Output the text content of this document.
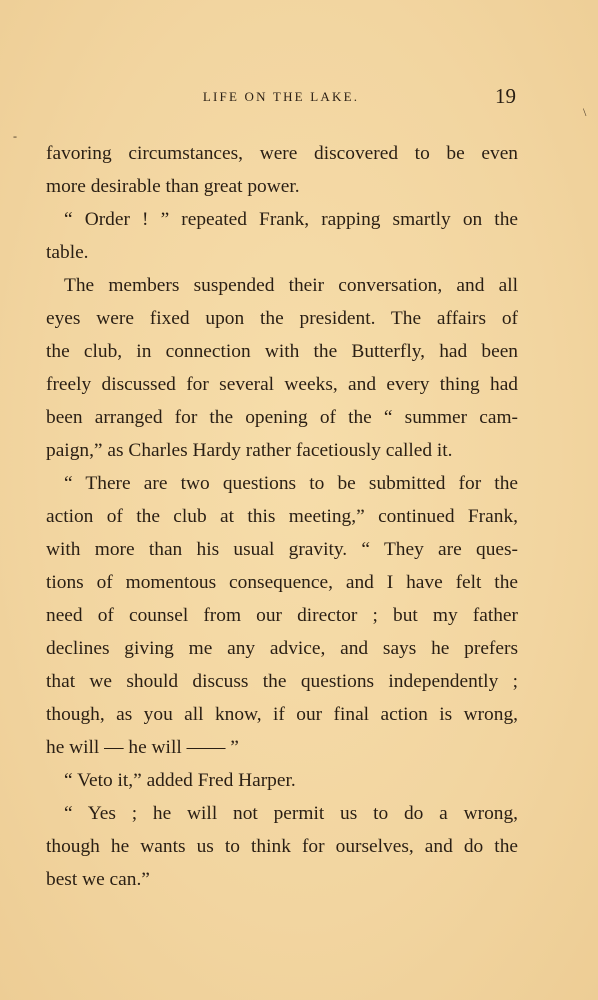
LIFE ON THE LAKE.	19
-
\
favoring circumstances, were discovered to be even
more desirable than great power.
“ Order ! ” repeated Frank, rapping smartly on the
table.
The members suspended their conversation, and all
eyes were fixed upon the president. The affairs of
the club, in connection with the Butterfly, had been
freely discussed for several weeks, and every thing had
been arranged for the opening of the “ summer cam-
paign,” as Charles Hardy rather facetiously called it.
“ There are two questions to be submitted for the
action of the club at this meeting,” continued Frank,
with more than his usual gravity. “ They are ques-
tions of momentous consequence, and I have felt the
need of counsel from our director ; but my father
declines giving me any advice, and says he prefers
that we should discuss the questions independently ;
though, as you all know, if our final action is wrong,
he will — he will —— ”
“ Veto it,” added Fred Harper.
“ Yes ; he will not permit us to do a wrong,
though he wants us to think for ourselves, and do the
best we can.”
